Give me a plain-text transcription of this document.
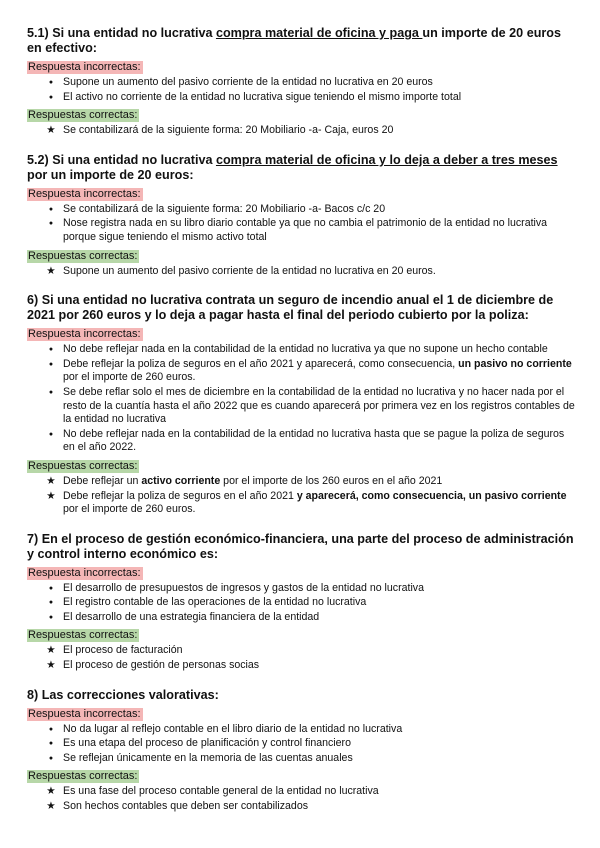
5.1) Si una entidad no lucrativa compra material de oficina y paga un importe de 20 euros en efectivo:
Respuesta incorrectas:
●
Supone un aumento del pasivo corriente de la entidad no lucrativa en 20 euros
●
El activo no corriente de la entidad no lucrativa sigue teniendo el mismo importe total
Respuestas correctas:
★
Se contabilizará de la siguiente forma: 20 Mobiliario -a- Caja, euros 20
5.2) Si una entidad no lucrativa compra material de oficina y lo deja a deber a tres meses por un importe de 20 euros:
Respuesta incorrectas:
●
Se contabilizará de la siguiente forma: 20 Mobiliario -a- Bacos c/c 20
●
Nose registra nada en su libro diario contable ya que no cambia el patrimonio de la entidad no lucrativa porque sigue teniendo el mismo activo total
Respuestas correctas:
★
Supone un aumento del pasivo corriente de la entidad no lucrativa en 20 euros.
6) Si una entidad no lucrativa contrata un seguro de incendio anual el 1 de diciembre de 2021 por 260 euros y lo deja a pagar hasta el final del periodo cubierto por la poliza:
Respuesta incorrectas:
●
No debe reflejar nada en la contabilidad de la entidad no lucrativa ya que no supone un hecho contable
●
Debe reflejar la poliza de seguros en el año 2021 y aparecerá, como consecuencia, un pasivo no corriente por el importe de 260 euros.
●
Se debe reflar solo el mes de diciembre en la contabilidad de la entidad no lucrativa y no hacer nada por el resto de la cuantía hasta el año 2022 que es cuando aparecerá por primera vez en los registros contables de la entidad no lucrativa
●
No debe reflejar nada en la contabilidad de la entidad no lucrativa hasta que se pague la poliza de seguros en el año 2022.
Respuestas correctas:
★
Debe reflejar un activo corriente por el importe de los 260 euros en el año 2021
★
Debe reflejar la poliza de seguros en el año 2021 y aparecerá, como consecuencia, un pasivo corriente por el importe de 260 euros.
7) En el proceso de gestión económico-financiera, una parte del proceso de administración y control interno económico es:
Respuesta incorrectas:
●
El desarrollo de presupuestos de ingresos y gastos de la entidad no lucrativa
●
El registro contable de las operaciones de la entidad no lucrativa
●
El desarrollo de una estrategia financiera de la entidad
Respuestas correctas:
★
El proceso de facturación
★
El proceso de gestión de personas socias
8) Las correcciones valorativas:
Respuesta incorrectas:
●
No da lugar al reflejo contable en el libro diario de la entidad no lucrativa
●
Es una etapa del proceso de planificación y control financiero
●
Se reflejan únicamente en la memoria de las cuentas anuales
Respuestas correctas:
★
Es una fase del proceso contable general de la entidad no lucrativa
★
Son hechos contables que deben ser contabilizados
